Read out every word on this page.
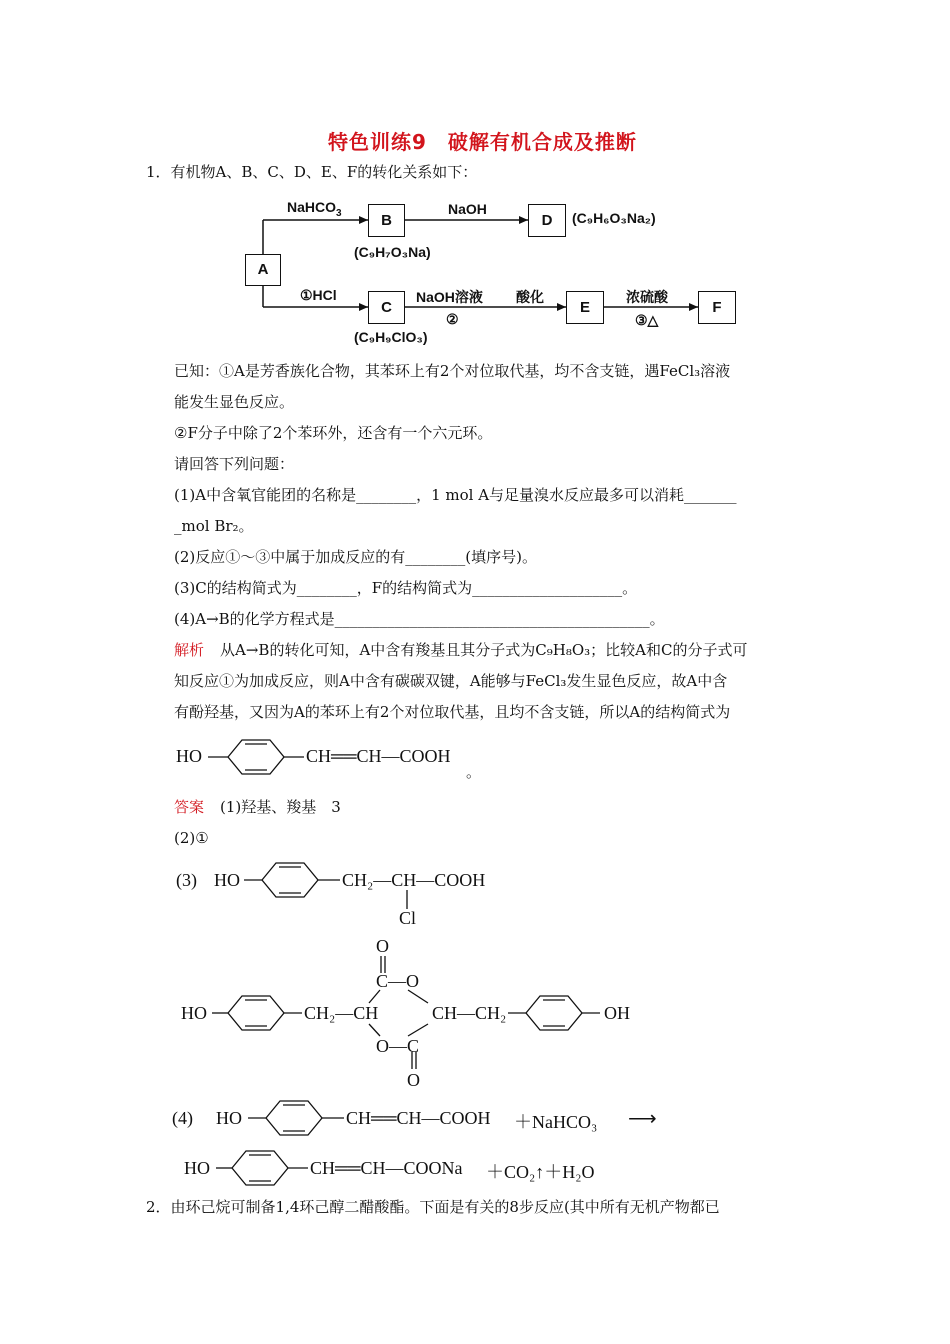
特色训练9　破解有机合成及推断
1．有机物A、B、C、D、E、F的转化关系如下：
A
B	D
C	E	F
NaHCO$_3$	NaOH
(C₉H₆O₃Na₂)
(C₉H₇O₃Na)
①HCl
(C₉H₉ClO₃)
NaOH溶液
②
酸化	浓硫酸
③△
已知：①A是芳香族化合物，其苯环上有2个对位取代基，均不含支链，遇FeCl₃溶液
能发生显色反应。
②F分子中除了2个苯环外，还含有一个六元环。
请回答下列问题：
(1)A中含氧官能团的名称是________，1 mol A与足量溴水反应最多可以消耗_______
_mol Br₂。
(2)反应①～③中属于加成反应的有________(填序号)。
(3)C的结构简式为________，F的结构简式为____________________。
(4)A→B的化学方程式是__________________________________________。
解析 从A→B的转化可知，A中含有羧基且其分子式为C₉H₈O₃；比较A和C的分子式可
知反应①为加成反应，则A中含有碳碳双键，A能够与FeCl₃发生显色反应，故A中含
有酚羟基，又因为A的苯环上有2个对位取代基，且均不含支链，所以A的结构简式为
HO	CH══CH—COOH
。
答案 (1)羟基、羧基　3
(2)①
(3) HO	CH₂—CH—COOH
Cl
O
C—O
HO	CH₂—CH	CH—CH₂	OH
O—C
O
(4) HO	CH══CH—COOH ＋NaHCO₃ ⟶
HO	CH══CH—COONa ＋CO₂↑＋H₂O
2．由环己烷可制备1,4环己醇二醋酸酯。下面是有关的8步反应(其中所有无机产物都已
